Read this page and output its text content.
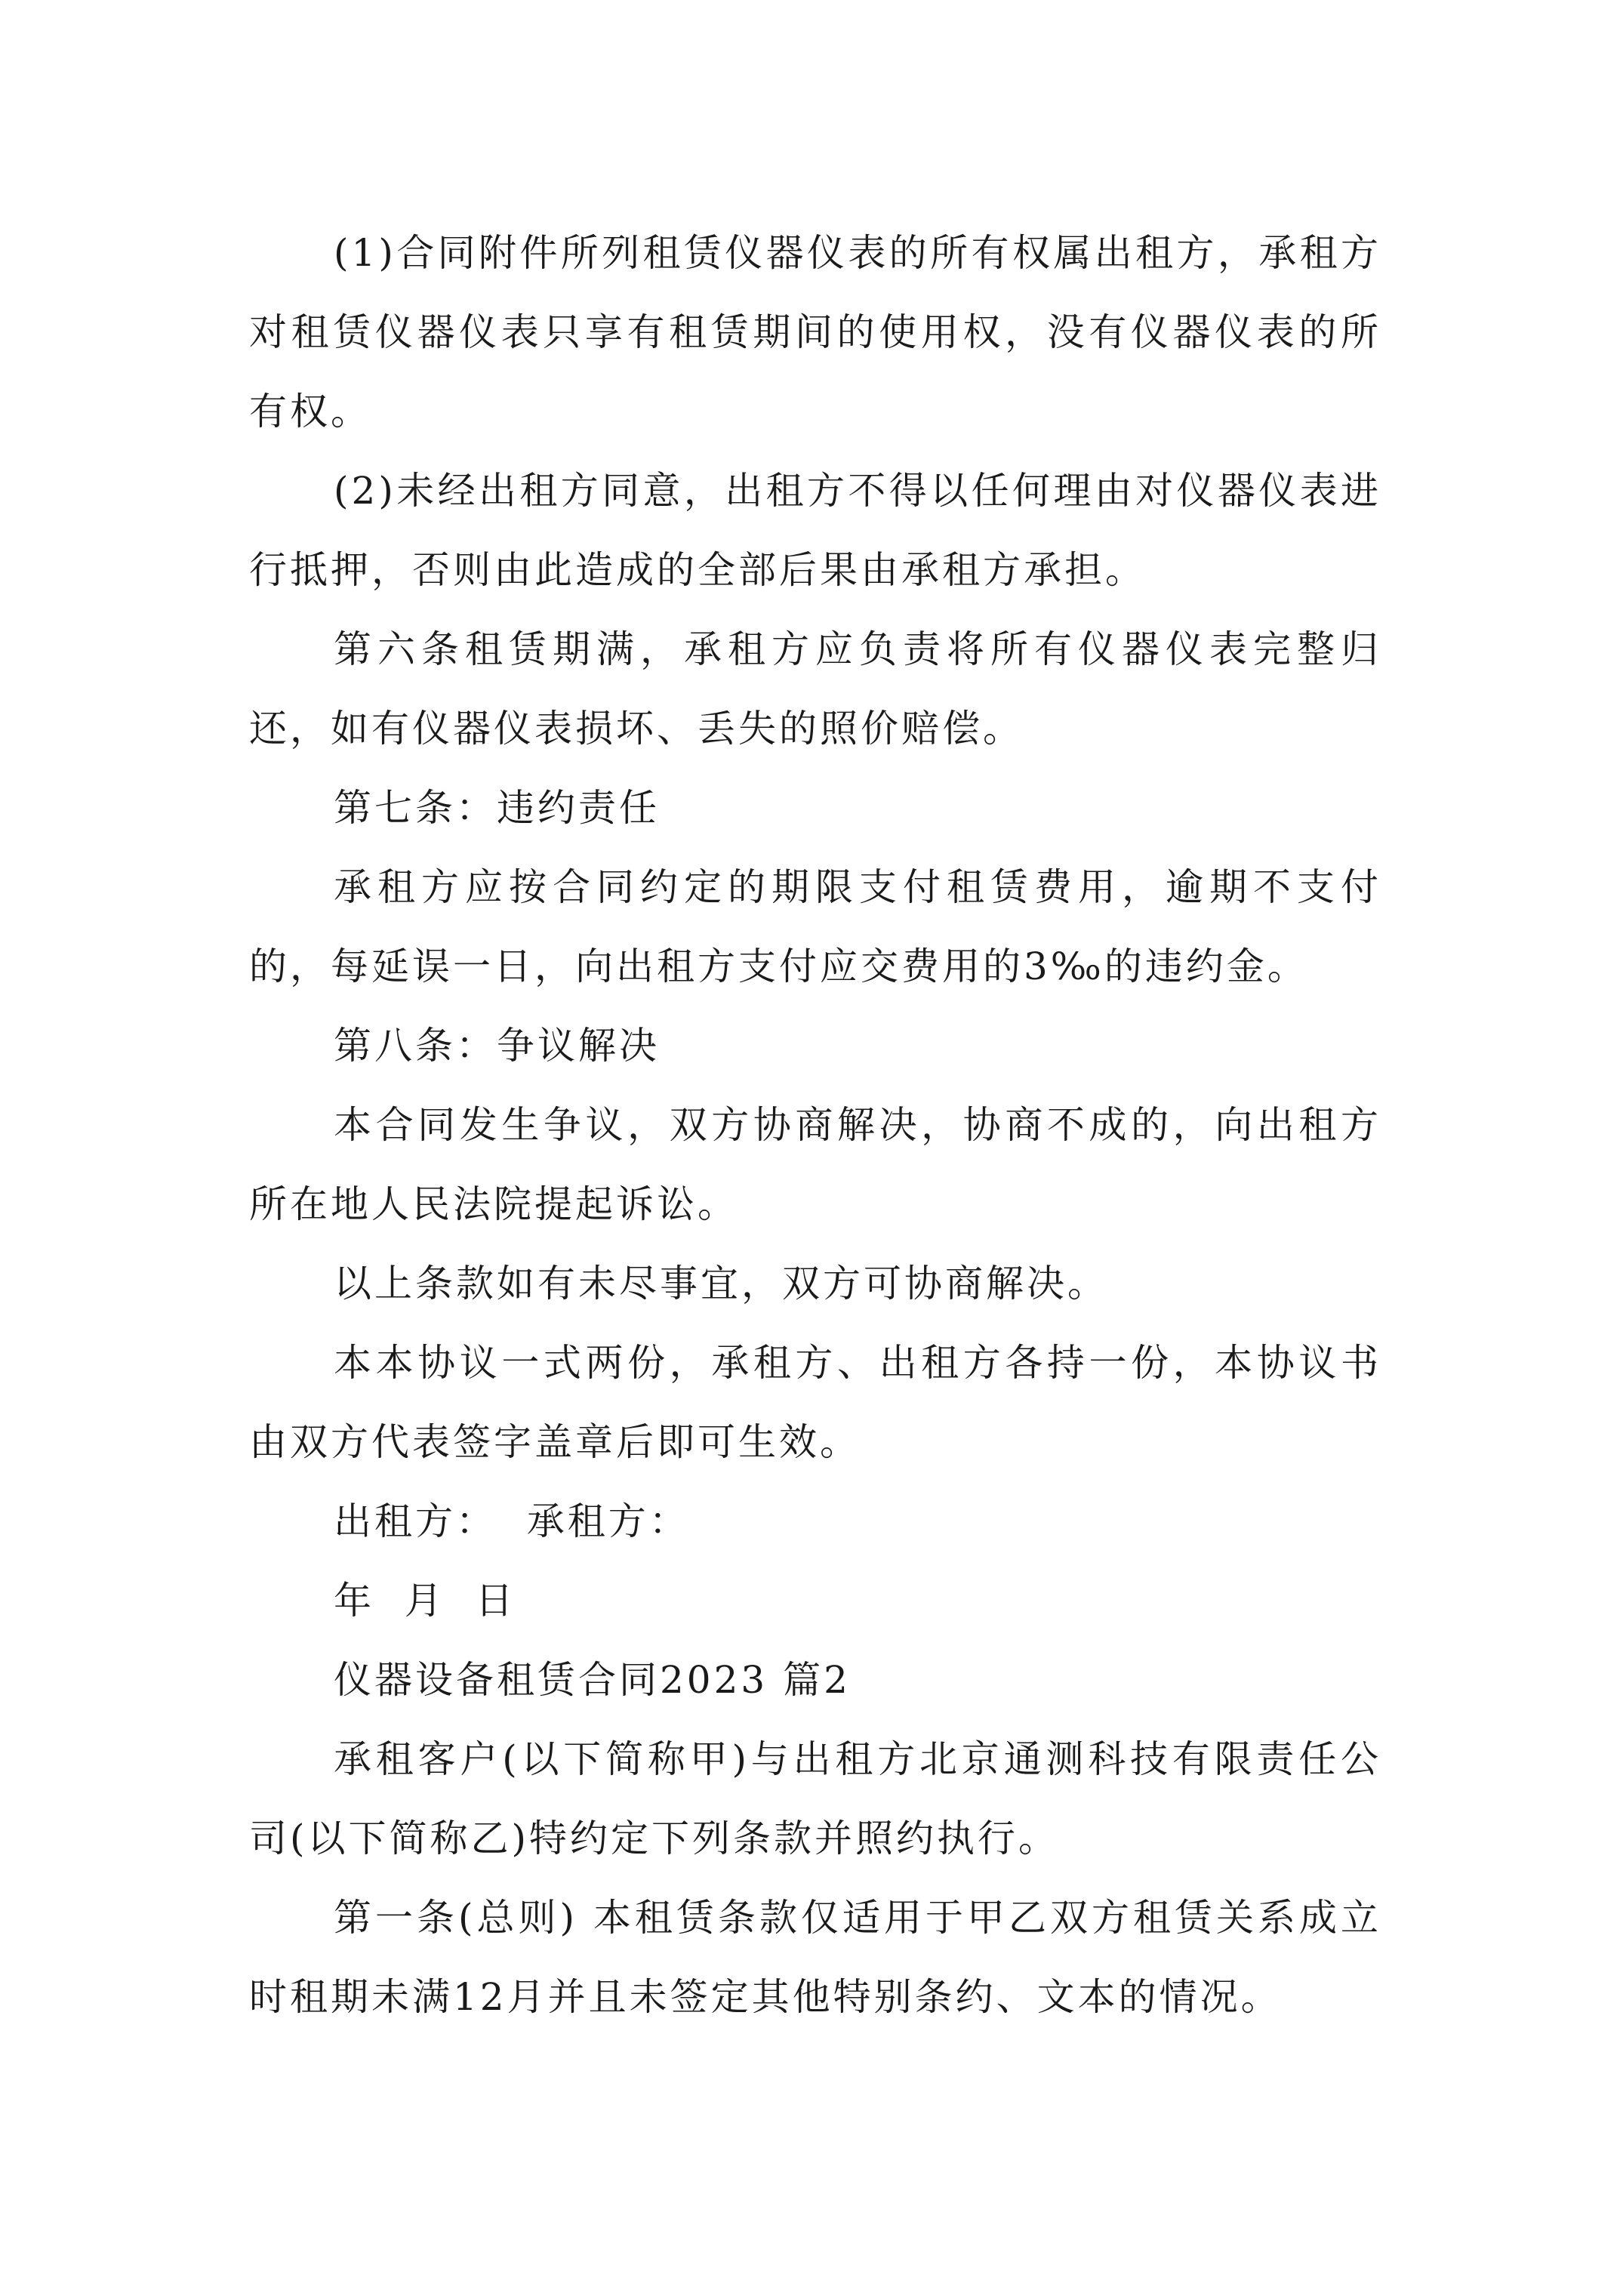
(1)合同附件所列租赁仪器仪表的所有权属出租方，承租方对租赁仪器仪表只享有租赁期间的使用权，没有仪器仪表的所有权。

(2)未经出租方同意，出租方不得以任何理由对仪器仪表进行抵押，否则由此造成的全部后果由承租方承担。

第六条租赁期满，承租方应负责将所有仪器仪表完整归还，如有仪器仪表损坏、丢失的照价赔偿。

第七条：违约责任

承租方应按合同约定的期限支付租赁费用，逾期不支付的，每延误一日，向出租方支付应交费用的3‰的违约金。

第八条：争议解决

本合同发生争议，双方协商解决，协商不成的，向出租方所在地人民法院提起诉讼。

以上条款如有未尽事宜，双方可协商解决。

本本协议一式两份，承租方、出租方各持一份，本协议书由双方代表签字盖章后即可生效。

出租方：  承租方：

年  月  日

仪器设备租赁合同2023 篇2

承租客户(以下简称甲)与出租方北京通测科技有限责任公司(以下简称乙)特约定下列条款并照约执行。

第一条(总则) 本租赁条款仅适用于甲乙双方租赁关系成立时租期未满12月并且未签定其他特别条约、文本的情况。
